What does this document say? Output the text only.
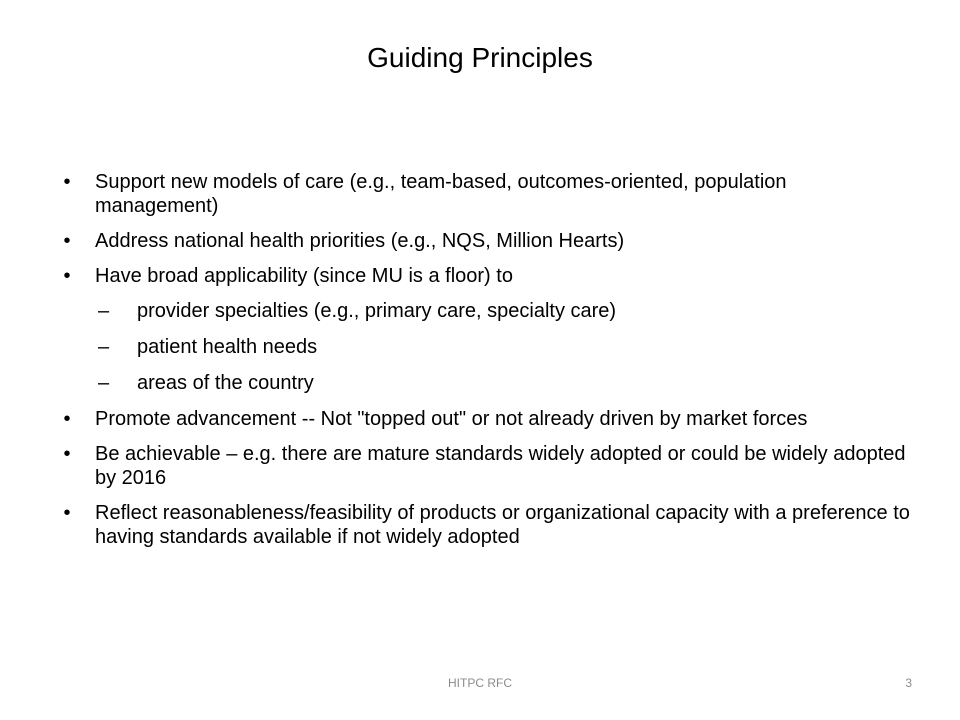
Guiding Principles
• Support new models of care (e.g., team-based, outcomes-oriented, population management)
• Address national health priorities (e.g., NQS, Million Hearts)
• Have broad applicability (since MU is a floor) to
– provider specialties (e.g., primary care, specialty care)
– patient health needs
– areas of the country
• Promote advancement -- Not "topped out" or not already driven by market forces
• Be achievable – e.g. there are mature standards widely adopted or could be widely adopted by 2016
• Reflect reasonableness/feasibility of products or organizational capacity with a preference to having standards available if not widely adopted
HITPC RFC	3
